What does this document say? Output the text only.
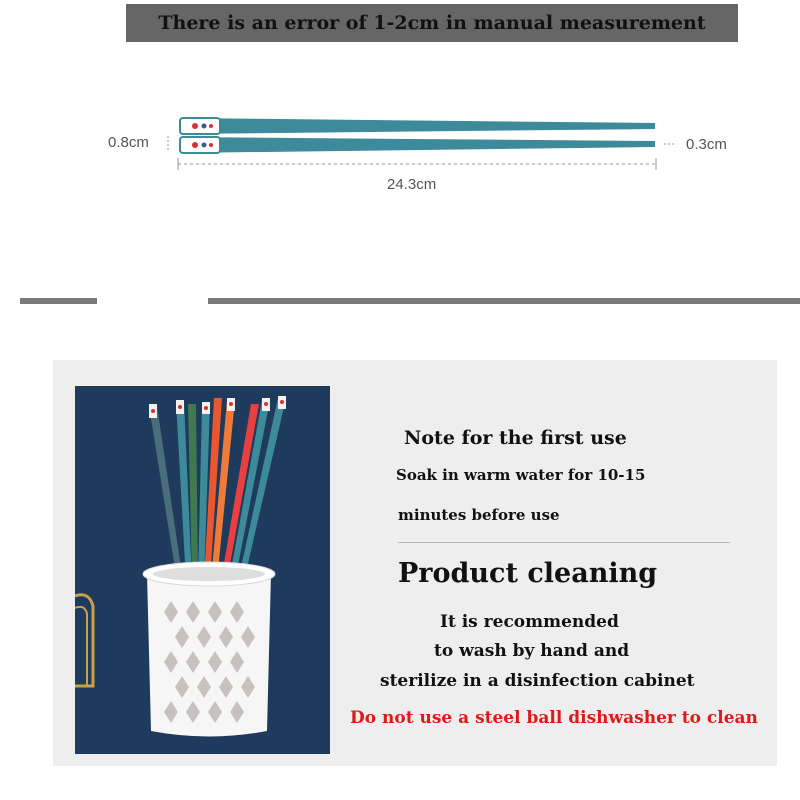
There is an error of 1-2cm in manual measurement
0.8cm	0.3cm
24.3cm
Note for the first use
Soak in warm water for 10-15
minutes before use
Product cleaning
It is recommended
to wash by hand and
sterilize in a disinfection cabinet
Do not use a steel ball dishwasher to clean
